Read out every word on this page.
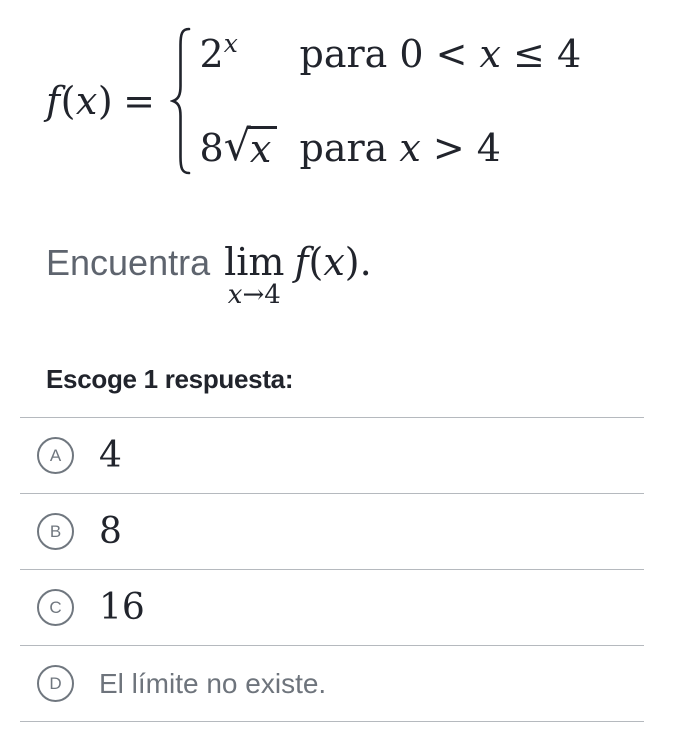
f(x) =
$2^x$	para 0 < x ≤ 4
8 √ x para x > 4
Encuentra lim
x→4
f(x).
Escoge 1 respuesta:
A 4
B 8
C 16
D El límite no existe.
